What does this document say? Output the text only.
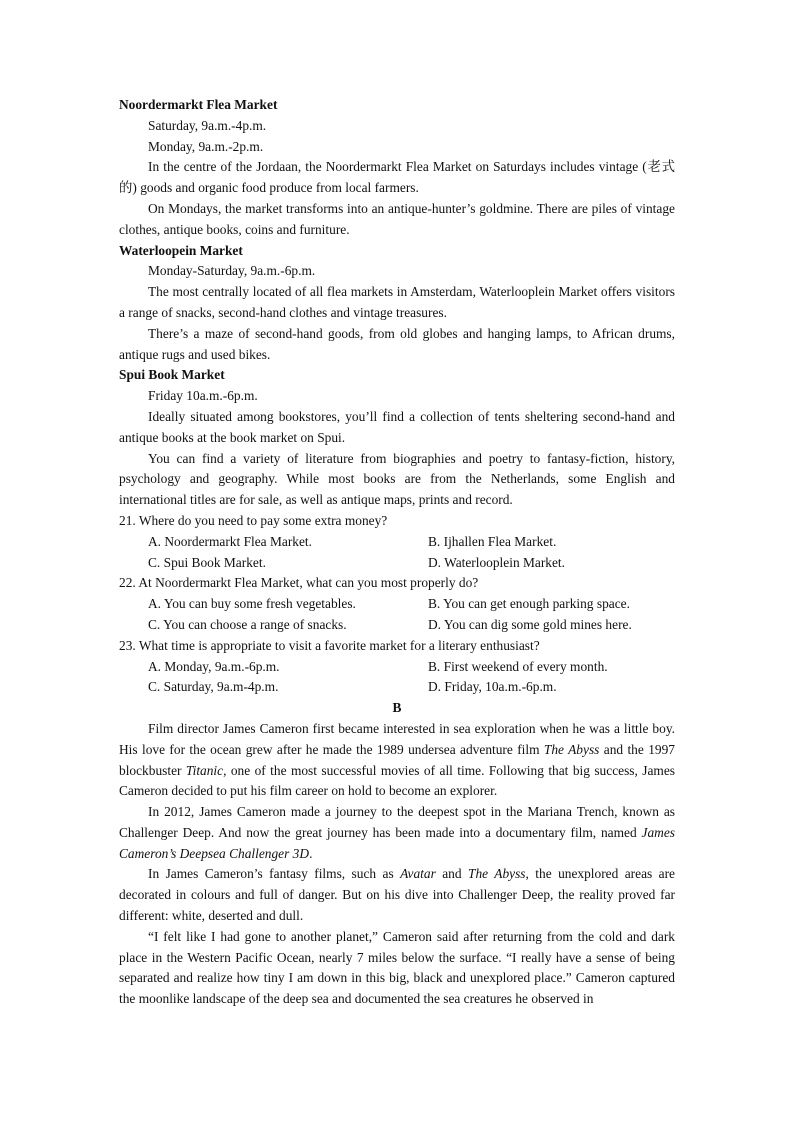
Noordermarkt Flea Market
Saturday, 9a.m.-4p.m.
Monday, 9a.m.-2p.m.
In the centre of the Jordaan, the Noordermarkt Flea Market on Saturdays includes vintage (老式的) goods and organic food produce from local farmers.
On Mondays, the market transforms into an antique-hunter’s goldmine. There are piles of vintage clothes, antique books, coins and furniture.
Waterloopein Market
Monday-Saturday, 9a.m.-6p.m.
The most centrally located of all flea markets in Amsterdam, Waterlooplein Market offers visitors a range of snacks, second-hand clothes and vintage treasures.
There’s a maze of second-hand goods, from old globes and hanging lamps, to African drums, antique rugs and used bikes.
Spui Book Market
Friday 10a.m.-6p.m.
Ideally situated among bookstores, you’ll find a collection of tents sheltering second-hand and antique books at the book market on Spui.
You can find a variety of literature from biographies and poetry to fantasy-fiction, history, psychology and geography. While most books are from the Netherlands, some English and international titles are for sale, as well as antique maps, prints and record.
21. Where do you need to pay some extra money?
A. Noordermarkt Flea Market.	B. Ijhallen Flea Market.
C. Spui Book Market.	D. Waterlooplein Market.
22. At Noordermarkt Flea Market, what can you most properly do?
A. You can buy some fresh vegetables.	B. You can get enough parking space.
C. You can choose a range of snacks.	D. You can dig some gold mines here.
23. What time is appropriate to visit a favorite market for a literary enthusiast?
A. Monday, 9a.m.-6p.m.	B. First weekend of every month.
C. Saturday, 9a.m-4p.m.	D. Friday, 10a.m.-6p.m.
B
Film director James Cameron first became interested in sea exploration when he was a little boy. His love for the ocean grew after he made the 1989 undersea adventure film The Abyss and the 1997 blockbuster Titanic, one of the most successful movies of all time. Following that big success, James Cameron decided to put his film career on hold to become an explorer.
In 2012, James Cameron made a journey to the deepest spot in the Mariana Trench, known as Challenger Deep. And now the great journey has been made into a documentary film, named James Cameron’s Deepsea Challenger 3D.
In James Cameron’s fantasy films, such as Avatar and The Abyss, the unexplored areas are decorated in colours and full of danger. But on his dive into Challenger Deep, the reality proved far different: white, deserted and dull.
“I felt like I had gone to another planet,” Cameron said after returning from the cold and dark place in the Western Pacific Ocean, nearly 7 miles below the surface. “I really have a sense of being separated and realize how tiny I am down in this big, black and unexplored place.” Cameron captured the moonlike landscape of the deep sea and documented the sea creatures he observed in
